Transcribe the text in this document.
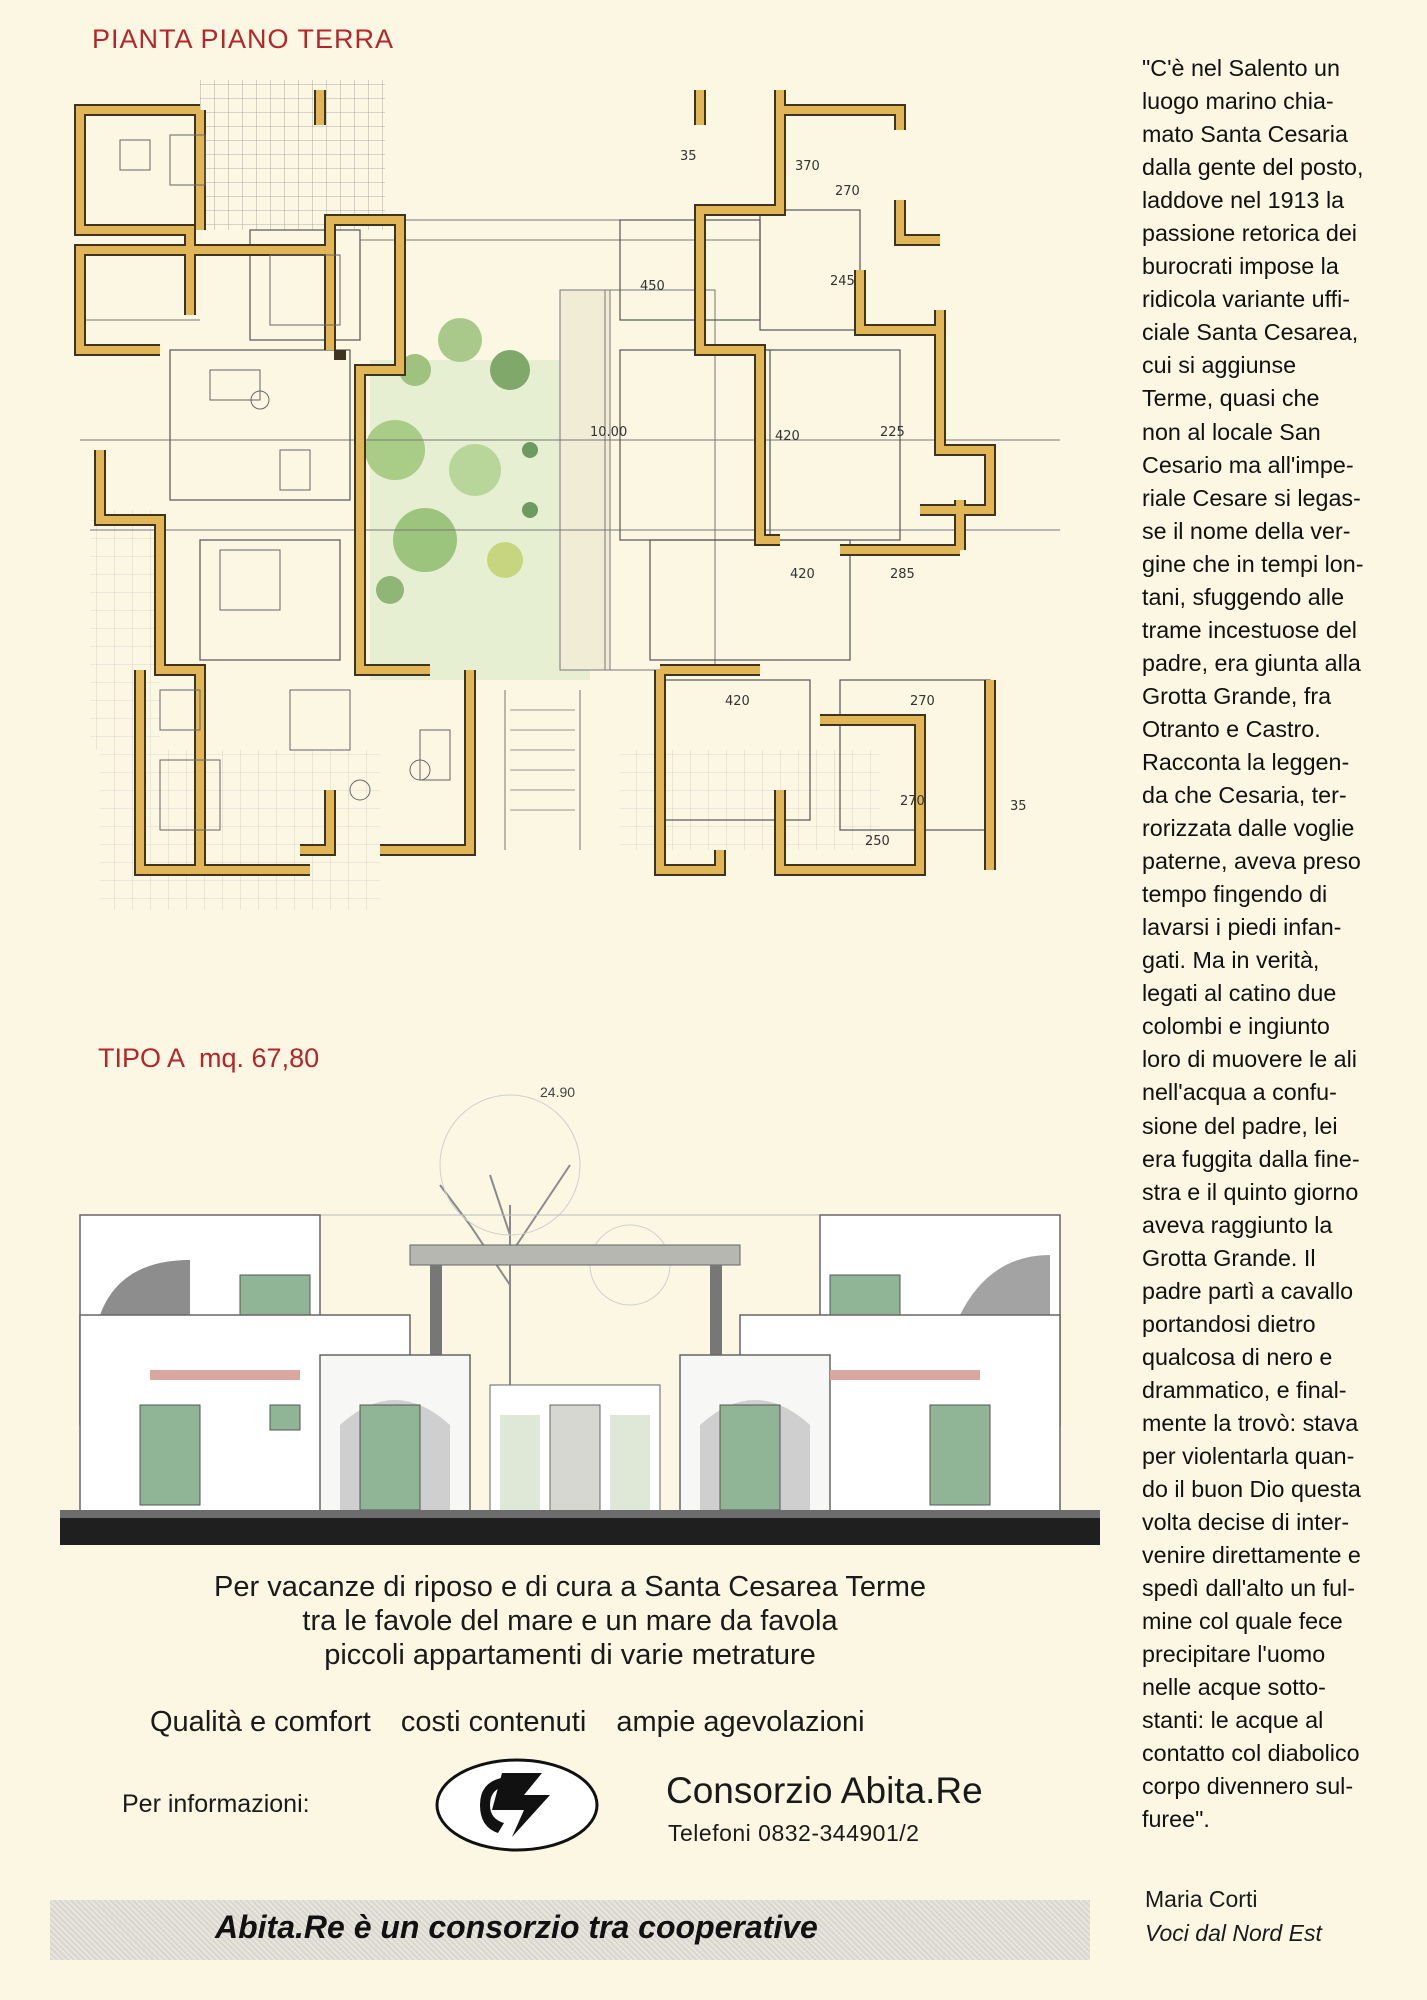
PIANTA PIANO TERRA
370
270
450	245
420
10.00	225
420	285
420	270
270
250
35
35
TIPO A mq. 67,80
24.90
"C'è nel Salento un
luogo marino chia-
mato Santa Cesaria
dalla gente del posto,
laddove nel 1913 la
passione retorica dei
burocrati impose la
ridicola variante uffi-
ciale Santa Cesarea,
cui si aggiunse
Terme, quasi che
non al locale San
Cesario ma all'impe-
riale Cesare si legas-
se il nome della ver-
gine che in tempi lon-
tani, sfuggendo alle
trame incestuose del
padre, era giunta alla
Grotta Grande, fra
Otranto e Castro.
Racconta la leggen-
da che Cesaria, ter-
rorizzata dalle voglie
paterne, aveva preso
tempo fingendo di
lavarsi i piedi infan-
gati. Ma in verità,
legati al catino due
colombi e ingiunto
loro di muovere le ali
nell'acqua a confu-
sione del padre, lei
era fuggita dalla fine-
stra e il quinto giorno
aveva raggiunto la
Grotta Grande. Il
padre partì a cavallo
portandosi dietro
qualcosa di nero e
drammatico, e final-
mente la trovò: stava
per violentarla quan-
do il buon Dio questa
volta decise di inter-
venire direttamente e
spedì dall'alto un ful-
mine col quale fece
precipitare l'uomo
nelle acque sotto-
stanti: le acque al
contatto col diabolico
corpo divennero sul-
furee".
Maria Corti
Voci dal Nord Est
Per vacanze di riposo e di cura a Santa Cesarea Terme
tra le favole del mare e un mare da favola
piccoli appartamenti di varie metrature
Qualità e comfort costi contenuti ampie agevolazioni
Per informazioni:	Consorzio Abita.Re
Telefoni 0832-344901/2
Abita.Re è un consorzio tra cooperative
